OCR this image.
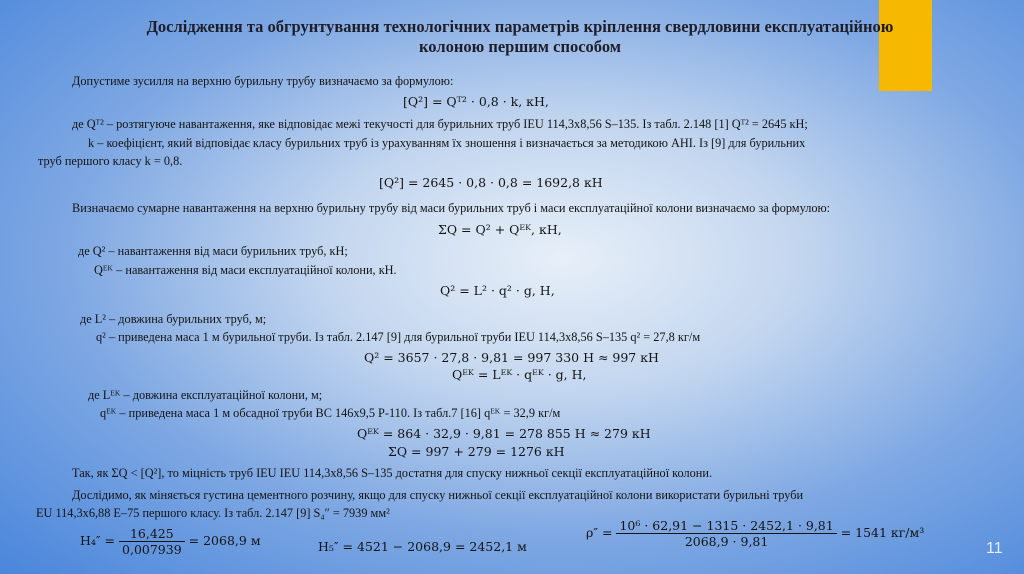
Дослідження та обгрунтування технологічних параметрів кріплення свердловини експлуатаційною колоною першим способом
Допустиме зусилля на верхню бурильну трубу визначаємо за формулою:
[Q²] = Qᵀ² · 0,8 · k, кН,
де Qᵀ² – розтягуюче навантаження, яке відповідає межі текучості для бурильних труб IEU 114,3х8,56 S–135. Із табл. 2.148 [1] Qᵀ² = 2645 кН;
k – коефіцієнт, який відповідає класу бурильних труб із урахуванням їх зношення і визначається за методикою АНІ. Із [9] для бурильних
труб першого класу k = 0,8.
[Q²] = 2645 · 0,8 · 0,8 = 1692,8 кН
Визначаємо сумарне навантаження на верхню бурильну трубу від маси бурильних труб і маси експлуатаційної колони визначаємо за формулою:
ΣQ = Q² + Qᴱᴷ, кН,
де Q² – навантаження від маси бурильних труб, кН;
Qᴱᴷ – навантаження від маси експлуатаційної колони, кН.
Q² = L² · q² · g, Н,
де L² – довжина бурильних труб, м;
q² – приведена маса 1 м бурильної труби. Із табл. 2.147 [9] для бурильної труби IEU 114,3х8,56 S–135 q² = 27,8 кг/м
Q² = 3657 · 27,8 · 9,81 = 997 330 Н ≈ 997 кН
Qᴱᴷ = Lᴱᴷ · qᴱᴷ · g, Н,
де Lᴱᴷ – довжина експлуатаційної колони, м;
qᴱᴷ – приведена маса 1 м обсадної труби ВС 146х9,5 Р-110. Із табл.7 [16] qᴱᴷ = 32,9 кг/м
Qᴱᴷ = 864 · 32,9 · 9,81 = 278 855 Н ≈ 279 кН
ΣQ = 997 + 279 = 1276 кН
Так, як ΣQ < [Q²], то міцність труб IEU IEU 114,3х8,56 S–135 достатня для спуску нижньої секції експлуатаційної колони.
Дослідимо, як міняється густина цементного розчину, якщо для спуску нижньої секції експлуатаційної колони використати бурильні труби
EU 114,3х6,88 Е–75 першого класу. Із табл. 2.147 [9] S₄″ = 7939 мм²
$H_4'' = \frac{16,425}{0,007939} = 2068,9$ м	H₅″ = 4521 − 2068,9 = 2452,1 м
$\rho'' = \frac{\text{10⁶ · 62,91 − 1315 · 2452,1 · 9,81}}{2068,9 \cdot 9,81} = 1541$ кг/м³
11
